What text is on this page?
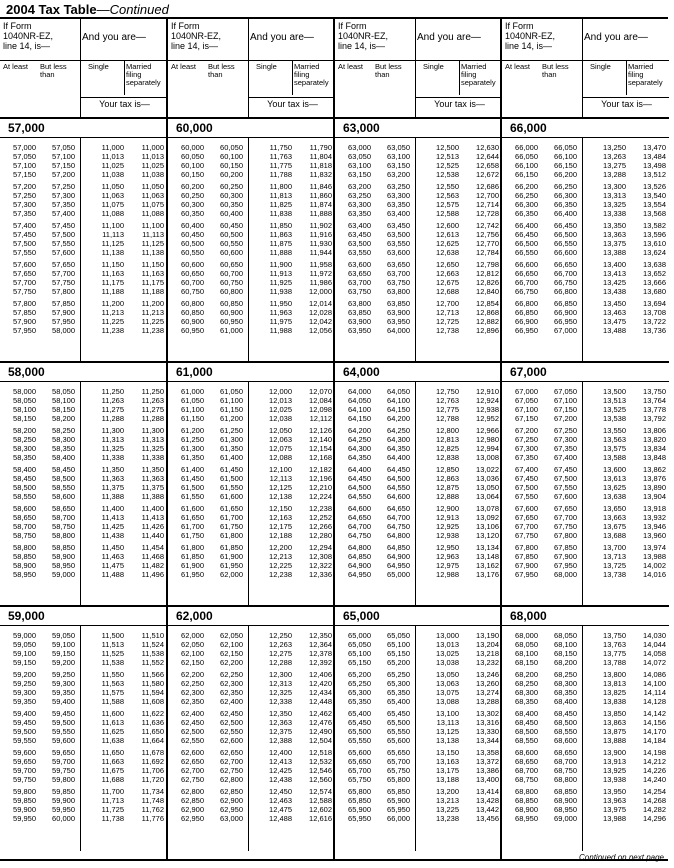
2004 Tax Table—Continued
If Form
1040NR-EZ,
line 14, is—
And you are—
At least	But less than
Single Married filing separately
Your tax is—
57,000
57,000	57,050	11,000	11,000
57,050	57,100	11,013	11,013
57,100	57,150	11,025	11,025
57,150	57,200	11,038	11,038
57,200	57,250	11,050	11,050
57,250	57,300	11,063	11,063
57,300	57,350	11,075	11,075
57,350	57,400	11,088	11,088
57,400	57,450	11,100	11,100
57,450	57,500	11,113	11,113
57,500	57,550	11,125	11,125
57,550	57,600	11,138	11,138
57,600	57,650	11,150	11,150
57,650	57,700	11,163	11,163
57,700	57,750	11,175	11,175
57,750	57,800	11,188	11,188
57,800	57,850	11,200	11,200
57,850	57,900	11,213	11,213
57,900	57,950	11,225	11,225
57,950	58,000	11,238	11,238
58,000
58,000	58,050	11,250	11,250
58,050	58,100	11,263	11,263
58,100	58,150	11,275	11,275
58,150	58,200	11,288	11,288
58,200	58,250	11,300	11,300
58,250	58,300	11,313	11,313
58,300	58,350	11,325	11,325
58,350	58,400	11,338	11,338
58,400	58,450	11,350	11,350
58,450	58,500	11,363	11,363
58,500	58,550	11,375	11,375
58,550	58,600	11,388	11,388
58,600	58,650	11,400	11,400
58,650	58,700	11,413	11,413
58,700	58,750	11,425	11,426
58,750	58,800	11,438	11,440
58,800	58,850	11,450	11,454
58,850	58,900	11,463	11,468
58,900	58,950	11,475	11,482
58,950	59,000	11,488	11,496
59,000
59,000	59,050	11,500	11,510
59,050	59,100	11,513	11,524
59,100	59,150	11,525	11,538
59,150	59,200	11,538	11,552
59,200	59,250	11,550	11,566
59,250	59,300	11,563	11,580
59,300	59,350	11,575	11,594
59,350	59,400	11,588	11,608
59,400	59,450	11,600	11,622
59,450	59,500	11,613	11,636
59,500	59,550	11,625	11,650
59,550	59,600	11,638	11,664
59,600	59,650	11,650	11,678
59,650	59,700	11,663	11,692
59,700	59,750	11,675	11,706
59,750	59,800	11,688	11,720
59,800	59,850	11,700	11,734
59,850	59,900	11,713	11,748
59,900	59,950	11,725	11,762
59,950	60,000	11,738	11,776
If Form
1040NR-EZ,
line 14, is—
And you are—
At least	But less than
Single Married filing separately
Your tax is—
60,000
60,000	60,050	11,750	11,790
60,050	60,100	11,763	11,804
60,100	60,150	11,775	11,818
60,150	60,200	11,788	11,832
60,200	60,250	11,800	11,846
60,250	60,300	11,813	11,860
60,300	60,350	11,825	11,874
60,350	60,400	11,838	11,888
60,400	60,450	11,850	11,902
60,450	60,500	11,863	11,916
60,500	60,550	11,875	11,930
60,550	60,600	11,888	11,944
60,600	60,650	11,900	11,958
60,650	60,700	11,913	11,972
60,700	60,750	11,925	11,986
60,750	60,800	11,938	12,000
60,800	60,850	11,950	12,014
60,850	60,900	11,963	12,028
60,900	60,950	11,975	12,042
60,950	61,000	11,988	12,056
61,000
61,000	61,050	12,000	12,070
61,050	61,100	12,013	12,084
61,100	61,150	12,025	12,098
61,150	61,200	12,038	12,112
61,200	61,250	12,050	12,126
61,250	61,300	12,063	12,140
61,300	61,350	12,075	12,154
61,350	61,400	12,088	12,168
61,400	61,450	12,100	12,182
61,450	61,500	12,113	12,196
61,500	61,550	12,125	12,210
61,550	61,600	12,138	12,224
61,600	61,650	12,150	12,238
61,650	61,700	12,163	12,252
61,700	61,750	12,175	12,266
61,750	61,800	12,188	12,280
61,800	61,850	12,200	12,294
61,850	61,900	12,213	12,308
61,900	61,950	12,225	12,322
61,950	62,000	12,238	12,336
62,000
62,000	62,050	12,250	12,350
62,050	62,100	12,263	12,364
62,100	62,150	12,275	12,378
62,150	62,200	12,288	12,392
62,200	62,250	12,300	12,406
62,250	62,300	12,313	12,420
62,300	62,350	12,325	12,434
62,350	62,400	12,338	12,448
62,400	62,450	12,350	12,462
62,450	62,500	12,363	12,476
62,500	62,550	12,375	12,490
62,550	62,600	12,388	12,504
62,600	62,650	12,400	12,518
62,650	62,700	12,413	12,532
62,700	62,750	12,425	12,546
62,750	62,800	12,438	12,560
62,800	62,850	12,450	12,574
62,850	62,900	12,463	12,588
62,900	62,950	12,475	12,602
62,950	63,000	12,488	12,616
If Form
1040NR-EZ,
line 14, is—
And you are—
At least	But less than
Single Married filing separately
Your tax is—
63,000
63,000	63,050	12,500	12,630
63,050	63,100	12,513	12,644
63,100	63,150	12,525	12,658
63,150	63,200	12,538	12,672
63,200	63,250	12,550	12,686
63,250	63,300	12,563	12,700
63,300	63,350	12,575	12,714
63,350	63,400	12,588	12,728
63,400	63,450	12,600	12,742
63,450	63,500	12,613	12,756
63,500	63,550	12,625	12,770
63,550	63,600	12,638	12,784
63,600	63,650	12,650	12,798
63,650	63,700	12,663	12,812
63,700	63,750	12,675	12,826
63,750	63,800	12,688	12,840
63,800	63,850	12,700	12,854
63,850	63,900	12,713	12,868
63,900	63,950	12,725	12,882
63,950	64,000	12,738	12,896
64,000
64,000	64,050	12,750	12,910
64,050	64,100	12,763	12,924
64,100	64,150	12,775	12,938
64,150	64,200	12,788	12,952
64,200	64,250	12,800	12,966
64,250	64,300	12,813	12,980
64,300	64,350	12,825	12,994
64,350	64,400	12,838	13,008
64,400	64,450	12,850	13,022
64,450	64,500	12,863	13,036
64,500	64,550	12,875	13,050
64,550	64,600	12,888	13,064
64,600	64,650	12,900	13,078
64,650	64,700	12,913	13,092
64,700	64,750	12,925	13,106
64,750	64,800	12,938	13,120
64,800	64,850	12,950	13,134
64,850	64,900	12,963	13,148
64,900	64,950	12,975	13,162
64,950	65,000	12,988	13,176
65,000
65,000	65,050	13,000	13,190
65,050	65,100	13,013	13,204
65,100	65,150	13,025	13,218
65,150	65,200	13,038	13,232
65,200	65,250	13,050	13,246
65,250	65,300	13,063	13,260
65,300	65,350	13,075	13,274
65,350	65,400	13,088	13,288
65,400	65,450	13,100	13,302
65,450	65,500	13,113	13,316
65,500	65,550	13,125	13,330
65,550	65,600	13,138	13,344
65,600	65,650	13,150	13,358
65,650	65,700	13,163	13,372
65,700	65,750	13,175	13,386
65,750	65,800	13,188	13,400
65,800	65,850	13,200	13,414
65,850	65,900	13,213	13,428
65,900	65,950	13,225	13,442
65,950	66,000	13,238	13,456
If Form
1040NR-EZ,
line 14, is—
And you are—
At least	But less than
Single Married filing separately
Your tax is—
66,000
66,000	66,050	13,250	13,470
66,050	66,100	13,263	13,484
66,100	66,150	13,275	13,498
66,150	66,200	13,288	13,512
66,200	66,250	13,300	13,526
66,250	66,300	13,313	13,540
66,300	66,350	13,325	13,554
66,350	66,400	13,338	13,568
66,400	66,450	13,350	13,582
66,450	66,500	13,363	13,596
66,500	66,550	13,375	13,610
66,550	66,600	13,388	13,624
66,600	66,650	13,400	13,638
66,650	66,700	13,413	13,652
66,700	66,750	13,425	13,666
66,750	66,800	13,438	13,680
66,800	66,850	13,450	13,694
66,850	66,900	13,463	13,708
66,900	66,950	13,475	13,722
66,950	67,000	13,488	13,736
67,000
67,000	67,050	13,500	13,750
67,050	67,100	13,513	13,764
67,100	67,150	13,525	13,778
67,150	67,200	13,538	13,792
67,200	67,250	13,550	13,806
67,250	67,300	13,563	13,820
67,300	67,350	13,575	13,834
67,350	67,400	13,588	13,848
67,400	67,450	13,600	13,862
67,450	67,500	13,613	13,876
67,500	67,550	13,625	13,890
67,550	67,600	13,638	13,904
67,600	67,650	13,650	13,918
67,650	67,700	13,663	13,932
67,700	67,750	13,675	13,946
67,750	67,800	13,688	13,960
67,800	67,850	13,700	13,974
67,850	67,900	13,713	13,988
67,900	67,950	13,725	14,002
67,950	68,000	13,738	14,016
68,000
68,000	68,050	13,750	14,030
68,050	68,100	13,763	14,044
68,100	68,150	13,775	14,058
68,150	68,200	13,788	14,072
68,200	68,250	13,800	14,086
68,250	68,300	13,813	14,100
68,300	68,350	13,825	14,114
68,350	68,400	13,838	14,128
68,400	68,450	13,850	14,142
68,450	68,500	13,863	14,156
68,500	68,550	13,875	14,170
68,550	68,600	13,888	14,184
68,600	68,650	13,900	14,198
68,650	68,700	13,913	14,212
68,700	68,750	13,925	14,226
68,750	68,800	13,938	14,240
68,800	68,850	13,950	14,254
68,850	68,900	13,963	14,268
68,900	68,950	13,975	14,282
68,950	69,000	13,988	14,296
Continued on next page
